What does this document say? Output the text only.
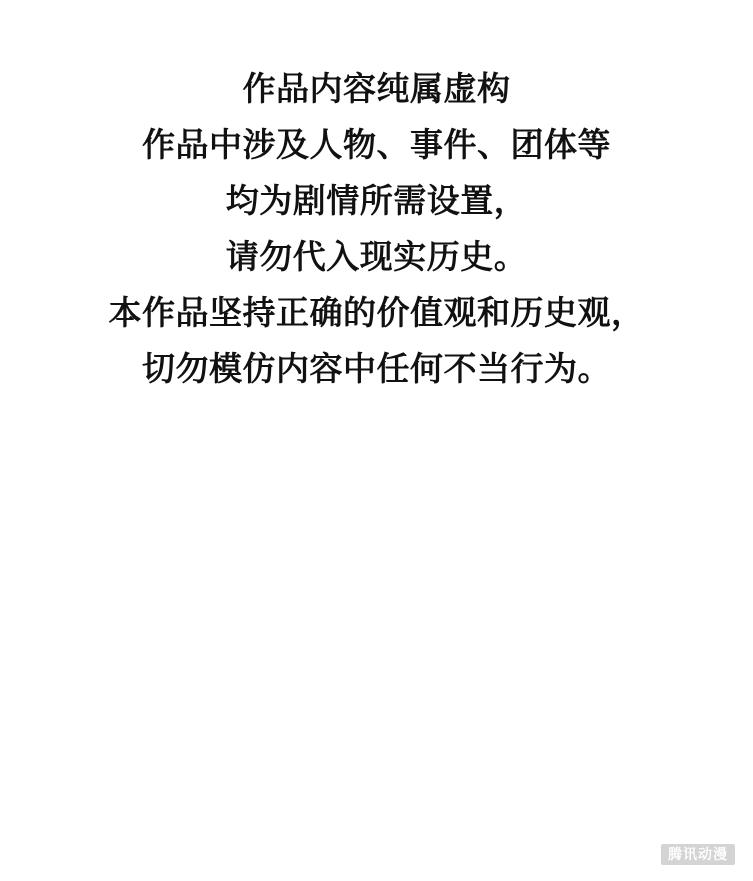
作品内容纯属虚构
作品中涉及人物、事件、团体等
均为剧情所需设置，
请勿代入现实历史。
本作品坚持正确的价值观和历史观，
切勿模仿内容中任何不当行为。
腾讯动漫
